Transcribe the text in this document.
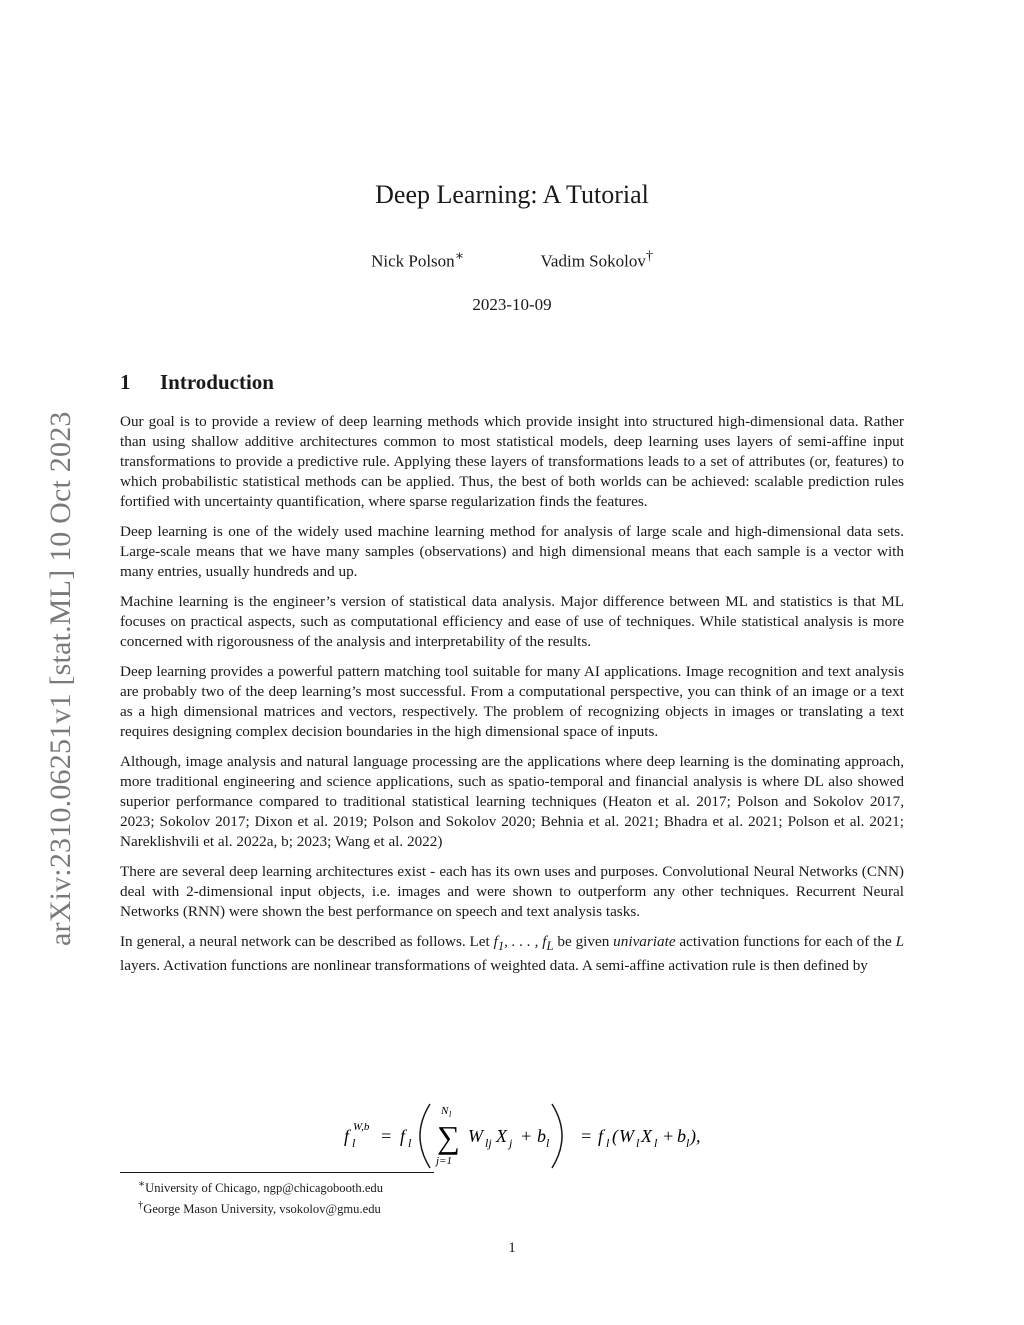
arXiv:2310.06251v1 [stat.ML] 10 Oct 2023
Deep Learning: A Tutorial
Nick Polson∗	Vadim Sokolov†
2023-10-09
1 Introduction

Our goal is to provide a review of deep learning methods which provide insight into structured high-dimensional data. Rather than using shallow additive architectures common to most statistical models, deep learning uses layers of semi-affine input transformations to provide a predictive rule. Applying these layers of transformations leads to a set of attributes (or, features) to which probabilistic statistical methods can be applied. Thus, the best of both worlds can be achieved: scalable prediction rules fortified with uncertainty quantification, where sparse regularization finds the features.

Deep learning is one of the widely used machine learning method for analysis of large scale and high-dimensional data sets. Large-scale means that we have many samples (observations) and high dimensional means that each sample is a vector with many entries, usually hundreds and up.

Machine learning is the engineer’s version of statistical data analysis. Major difference between ML and statistics is that ML focuses on practical aspects, such as computational efficiency and ease of use of techniques. While statistical analysis is more concerned with rigorousness of the analysis and interpretability of the results.

Deep learning provides a powerful pattern matching tool suitable for many AI applications. Image recognition and text analysis are probably two of the deep learning’s most successful. From a computational perspective, you can think of an image or a text as a high dimensional matrices and vectors, respectively. The problem of recognizing objects in images or translating a text requires designing complex decision boundaries in the high dimensional space of inputs.

Although, image analysis and natural language processing are the applications where deep learning is the dominating approach, more traditional engineering and science applications, such as spatio-temporal and financial analysis is where DL also showed superior performance compared to traditional statistical learning techniques (Heaton et al. 2017; Polson and Sokolov 2017, 2023; Sokolov 2017; Dixon et al. 2019; Polson and Sokolov 2020; Behnia et al. 2021; Bhadra et al. 2021; Polson et al. 2021; Nareklishvili et al. 2022a, b; 2023; Wang et al. 2022)

There are several deep learning architectures exist - each has its own uses and purposes. Convolutional Neural Networks (CNN) deal with 2-dimensional input objects, i.e. images and were shown to outperform any other techniques. Recurrent Neural Networks (RNN) were shown the best performance on speech and text analysis tasks.

In general, a neural network can be described as follows. Let $f_1$, . . . , $f_L$ be given univariate activation functions for each of the L layers. Activation functions are nonlinear transformations of weighted data. A semi-affine activation rule is then defined by

f l
W,b = f l ∑
N l
j=1
W lj X j + b l = f l ( W l X l + b l ),
∗University of Chicago, ngp@chicagobooth.edu
†George Mason University, vsokolov@gmu.edu
1
